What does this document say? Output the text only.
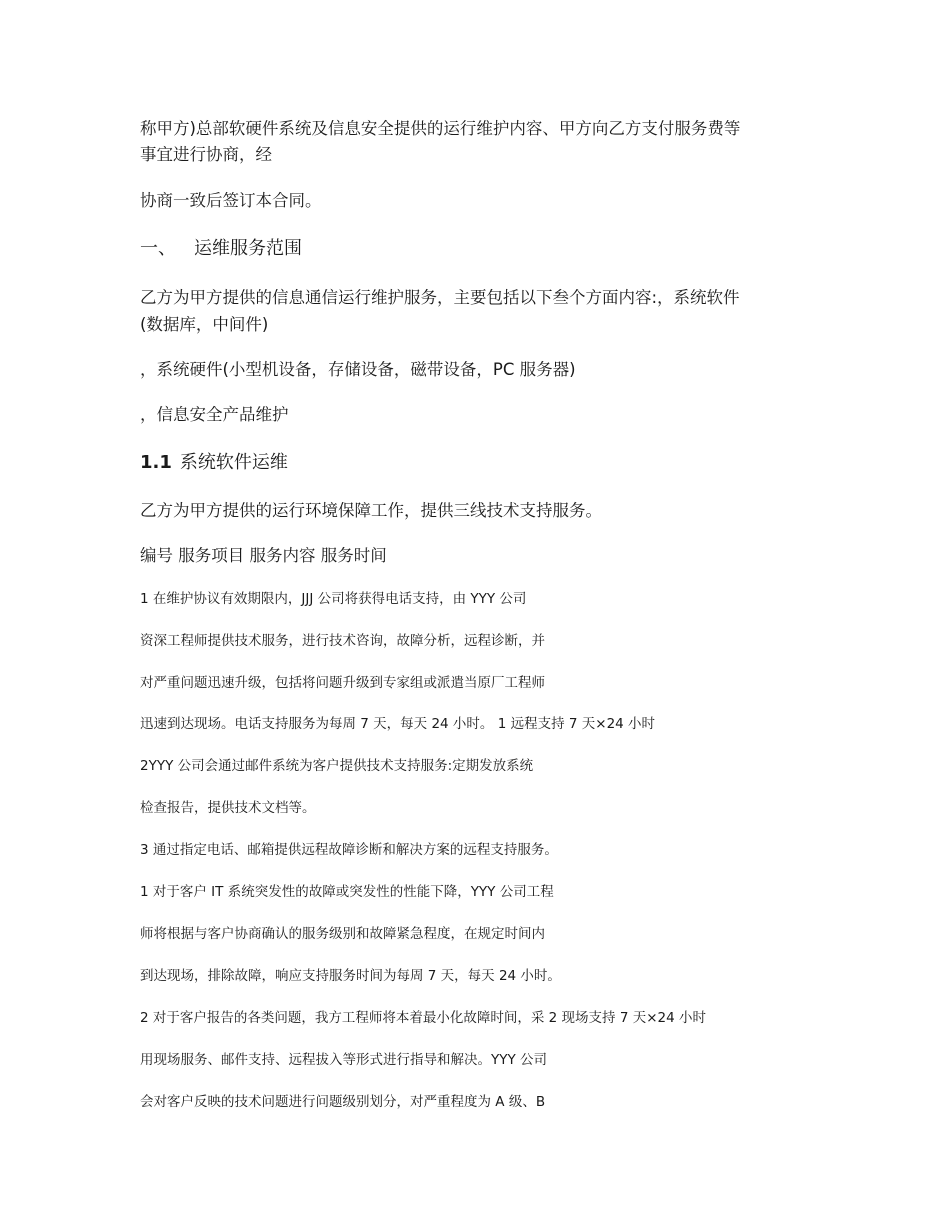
称甲方)总部软硬件系统及信息安全提供的运行维护内容、甲方向乙方支付服务费等
事宜进行协商，经
协商一致后签订本合同。
一、 运维服务范围
乙方为甲方提供的信息通信运行维护服务，主要包括以下叁个方面内容:，系统软件
(数据库，中间件)
，系统硬件(小型机设备，存储设备，磁带设备，PC 服务器)
，信息安全产品维护
1.1 系统软件运维
乙方为甲方提供的运行环境保障工作，提供三线技术支持服务。
编号 服务项目 服务内容 服务时间
1 在维护协议有效期限内，JJJ 公司将获得电话支持，由 YYY 公司
资深工程师提供技术服务，进行技术咨询，故障分析，远程诊断，并
对严重问题迅速升级，包括将问题升级到专家组或派遣当原厂工程师
迅速到达现场。电话支持服务为每周 7 天，每天 24 小时。 1 远程支持 7 天×24 小时
2YYY 公司会通过邮件系统为客户提供技术支持服务:定期发放系统
检查报告，提供技术文档等。
3 通过指定电话、邮箱提供远程故障诊断和解决方案的远程支持服务。
1 对于客户 IT 系统突发性的故障或突发性的性能下降，YYY 公司工程
师将根据与客户协商确认的服务级别和故障紧急程度，在规定时间内
到达现场，排除故障，响应支持服务时间为每周 7 天，每天 24 小时。
2 对于客户报告的各类问题，我方工程师将本着最小化故障时间，采 2 现场支持 7 天×24 小时
用现场服务、邮件支持、远程拔入等形式进行指导和解决。YYY 公司
会对客户反映的技术问题进行问题级别划分，对严重程度为 A 级、B
